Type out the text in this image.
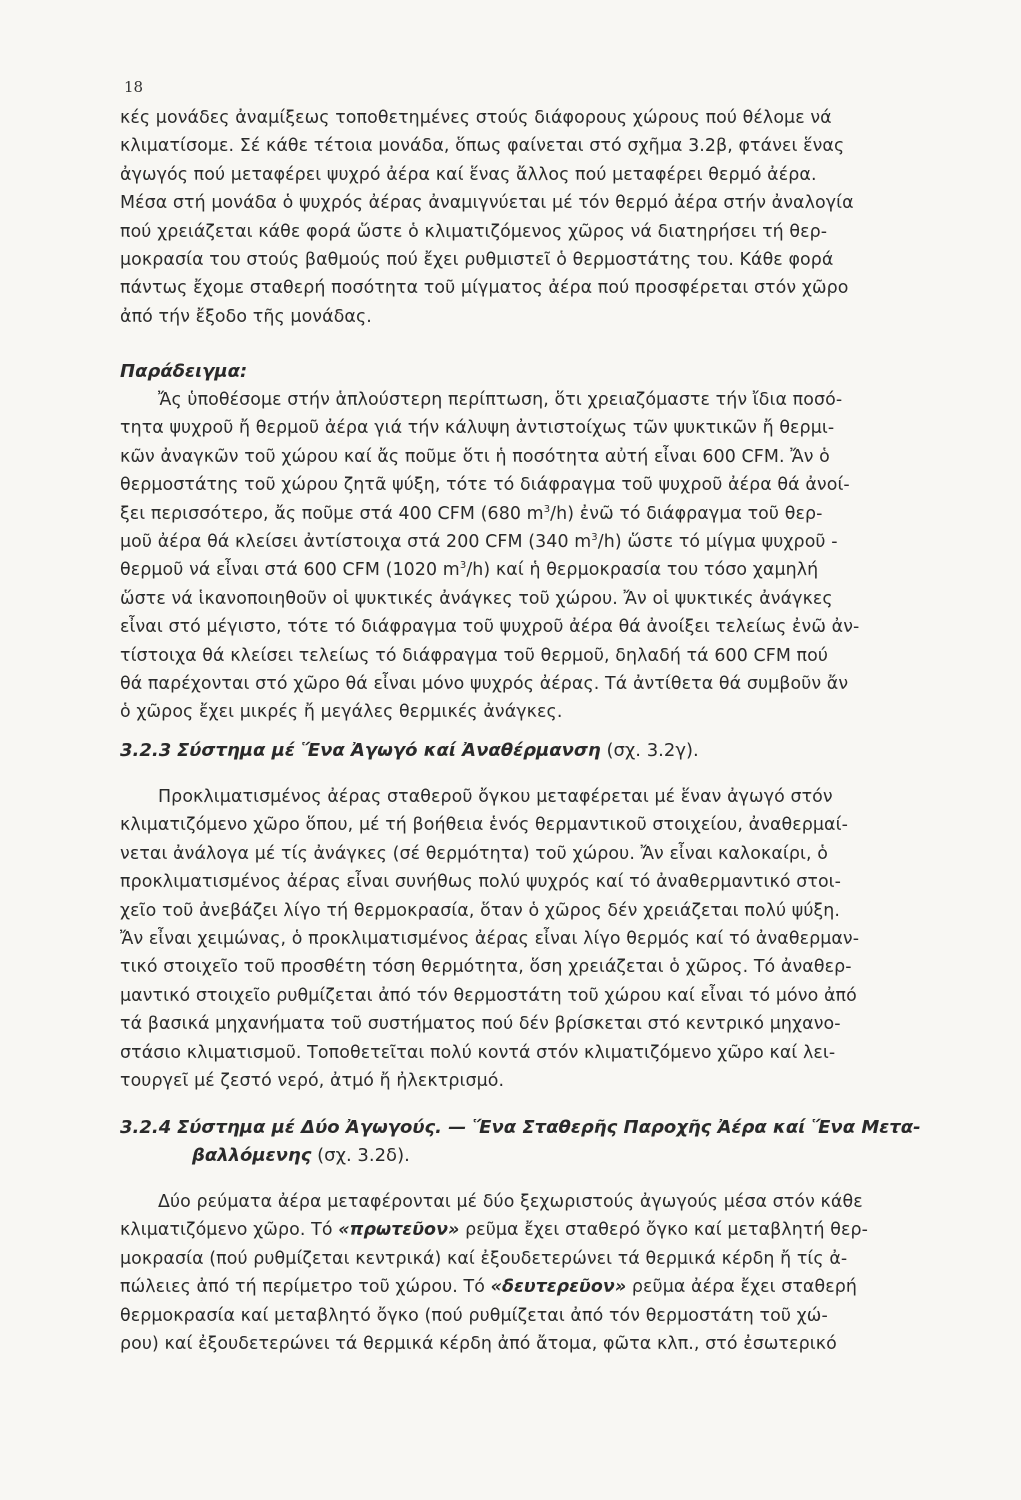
18

κές μονάδες ἀναμίξεως τοποθετημένες στούς διάφορους χώρους πού θέλομε νά

κλιματίσομε. Σέ κάθε τέτοια μονάδα, ὅπως φαίνεται στό σχῆμα 3.2β, φτάνει ἕνας

ἀγωγός πού μεταφέρει ψυχρό ἀέρα καί ἕνας ἄλλος πού μεταφέρει θερμό ἀέρα.

Μέσα στή μονάδα ὁ ψυχρός ἀέρας ἀναμιγνύεται μέ τόν θερμό ἀέρα στήν ἀναλογία

πού χρειάζεται κάθε φορά ὥστε ὁ κλιματιζόμενος χῶρος νά διατηρήσει τή θερ-

μοκρασία του στούς βαθμούς πού ἔχει ρυθμιστεῖ ὁ θερμοστάτης του. Κάθε φορά

πάντως ἔχομε σταθερή ποσότητα τοῦ μίγματος ἀέρα πού προσφέρεται στόν χῶρο

ἀπό τήν ἔξοδο τῆς μονάδας.

Παράδειγμα:

Ἄς ὑποθέσομε στήν ἁπλούστερη περίπτωση, ὅτι χρειαζόμαστε τήν ἴδια ποσό-

τητα ψυχροῦ ἤ θερμοῦ ἀέρα γιά τήν κάλυψη ἀντιστοίχως τῶν ψυκτικῶν ἤ θερμι-

κῶν ἀναγκῶν τοῦ χώρου καί ἄς ποῦμε ὅτι ἡ ποσότητα αὐτή εἶναι 600 CFM. Ἄν ὁ

θερμοστάτης τοῦ χώρου ζητᾶ ψύξη, τότε τό διάφραγμα τοῦ ψυχροῦ ἀέρα θά ἀνοί-

ξει περισσότερο, ἄς ποῦμε στά 400 CFM (680 $m^3/h$) ἐνῶ τό διάφραγμα τοῦ θερ-

μοῦ ἀέρα θά κλείσει ἀντίστοιχα στά 200 CFM (340 $m^3/h$) ὥστε τό μίγμα ψυχροῦ -

θερμοῦ νά εἶναι στά 600 CFM (1020 $m^3/h$) καί ἡ θερμοκρασία του τόσο χαμηλή

ὥστε νά ἱκανοποιηθοῦν οἱ ψυκτικές ἀνάγκες τοῦ χώρου. Ἄν οἱ ψυκτικές ἀνάγκες

εἶναι στό μέγιστο, τότε τό διάφραγμα τοῦ ψυχροῦ ἀέρα θά ἀνοίξει τελείως ἐνῶ ἀν-

τίστοιχα θά κλείσει τελείως τό διάφραγμα τοῦ θερμοῦ, δηλαδή τά 600 CFM πού

θά παρέχονται στό χῶρο θά εἶναι μόνο ψυχρός ἀέρας. Τά ἀντίθετα θά συμβοῦν ἄν

ὁ χῶρος ἔχει μικρές ἤ μεγάλες θερμικές ἀνάγκες.

3.2.3 Σύστημα μέ Ἕνα Ἀγωγό καί Ἀναθέρμανση (σχ. 3.2γ).

Προκλιματισμένος ἀέρας σταθεροῦ ὄγκου μεταφέρεται μέ ἕναν ἀγωγό στόν

κλιματιζόμενο χῶρο ὅπου, μέ τή βοήθεια ἑνός θερμαντικοῦ στοιχείου, ἀναθερμαί-

νεται ἀνάλογα μέ τίς ἀνάγκες (σέ θερμότητα) τοῦ χώρου. Ἄν εἶναι καλοκαίρι, ὁ

προκλιματισμένος ἀέρας εἶναι συνήθως πολύ ψυχρός καί τό ἀναθερμαντικό στοι-

χεῖο τοῦ ἀνεβάζει λίγο τή θερμοκρασία, ὅταν ὁ χῶρος δέν χρειάζεται πολύ ψύξη.

Ἄν εἶναι χειμώνας, ὁ προκλιματισμένος ἀέρας εἶναι λίγο θερμός καί τό ἀναθερμαν-

τικό στοιχεῖο τοῦ προσθέτη τόση θερμότητα, ὅση χρειάζεται ὁ χῶρος. Τό ἀναθερ-

μαντικό στοιχεῖο ρυθμίζεται ἀπό τόν θερμοστάτη τοῦ χώρου καί εἶναι τό μόνο ἀπό

τά βασικά μηχανήματα τοῦ συστήματος πού δέν βρίσκεται στό κεντρικό μηχανο-

στάσιο κλιματισμοῦ. Τοποθετεῖται πολύ κοντά στόν κλιματιζόμενο χῶρο καί λει-

τουργεῖ μέ ζεστό νερό, ἀτμό ἤ ἠλεκτρισμό.

3.2.4 Σύστημα μέ Δύο Ἀγωγούς. — Ἕνα Σταθερῆς Παροχῆς Ἀέρα καί Ἕνα Μετα-

βαλλόμενης (σχ. 3.2δ).

Δύο ρεύματα ἀέρα μεταφέρονται μέ δύο ξεχωριστούς ἀγωγούς μέσα στόν κάθε

κλιματιζόμενο χῶρο. Τό «πρωτεῦον» ρεῦμα ἔχει σταθερό ὄγκο καί μεταβλητή θερ-

μοκρασία (πού ρυθμίζεται κεντρικά) καί ἐξουδετερώνει τά θερμικά κέρδη ἤ τίς ἀ-

πώλειες ἀπό τή περίμετρο τοῦ χώρου. Τό «δευτερεῦον» ρεῦμα ἀέρα ἔχει σταθερή

θερμοκρασία καί μεταβλητό ὄγκο (πού ρυθμίζεται ἀπό τόν θερμοστάτη τοῦ χώ-

ρου) καί ἐξουδετερώνει τά θερμικά κέρδη ἀπό ἄτομα, φῶτα κλπ., στό ἐσωτερικό
